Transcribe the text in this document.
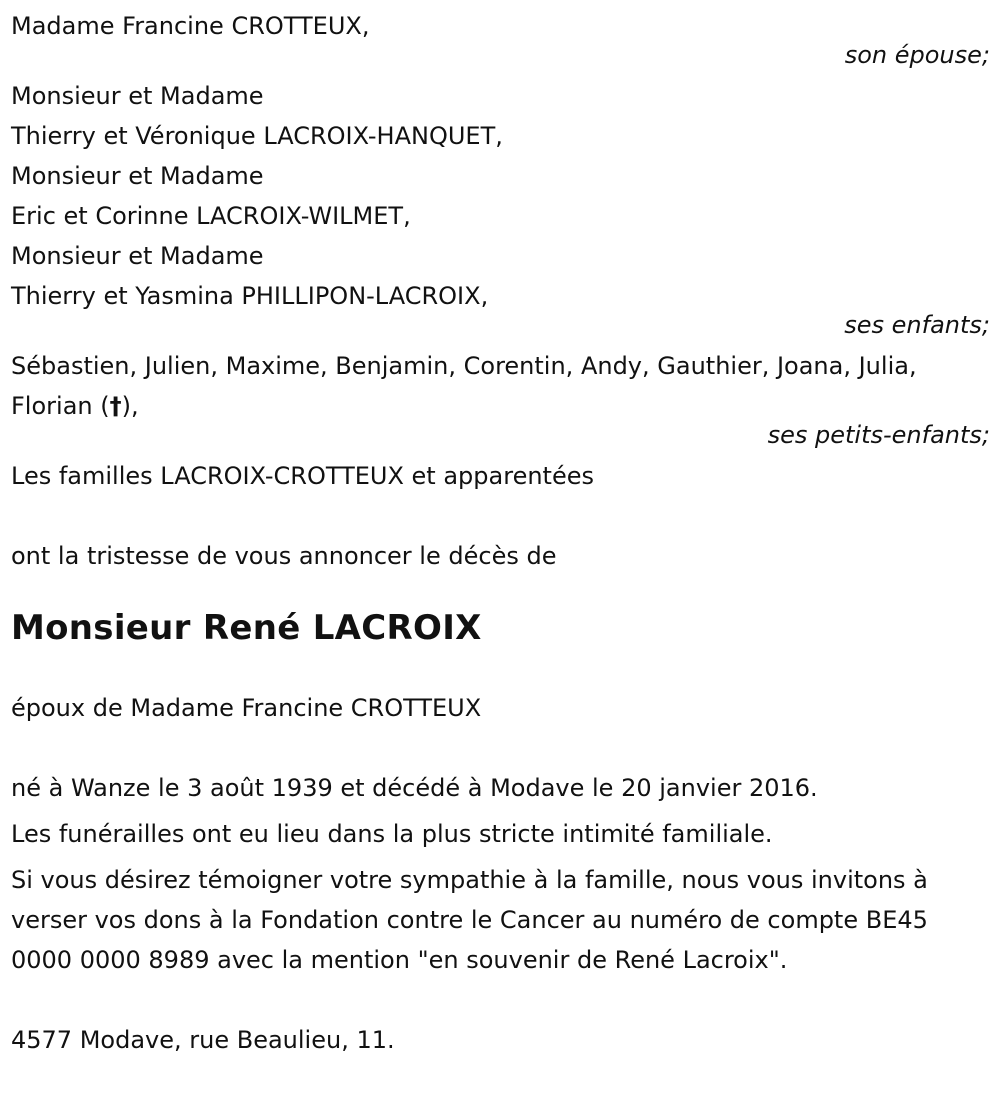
Madame Francine CROTTEUX,
son épouse;
Monsieur et Madame
Thierry et Véronique LACROIX-HANQUET,
Monsieur et Madame
Eric et Corinne LACROIX-WILMET,
Monsieur et Madame
Thierry et Yasmina PHILLIPON-LACROIX,
ses enfants;
Sébastien, Julien, Maxime, Benjamin, Corentin, Andy, Gauthier, Joana, Julia,
Florian (†),
ses petits-enfants;
Les familles LACROIX-CROTTEUX et apparentées
ont la tristesse de vous annoncer le décès de
Monsieur René LACROIX
époux de Madame Francine CROTTEUX
né à Wanze le 3 août 1939 et décédé à Modave le 20 janvier 2016.
Les funérailles ont eu lieu dans la plus stricte intimité familiale.
Si vous désirez témoigner votre sympathie à la famille, nous vous invitons à verser vos dons à la Fondation contre le Cancer au numéro de compte BE45 0000 0000 8989 avec la mention "en souvenir de René Lacroix".
4577 Modave, rue Beaulieu, 11.
